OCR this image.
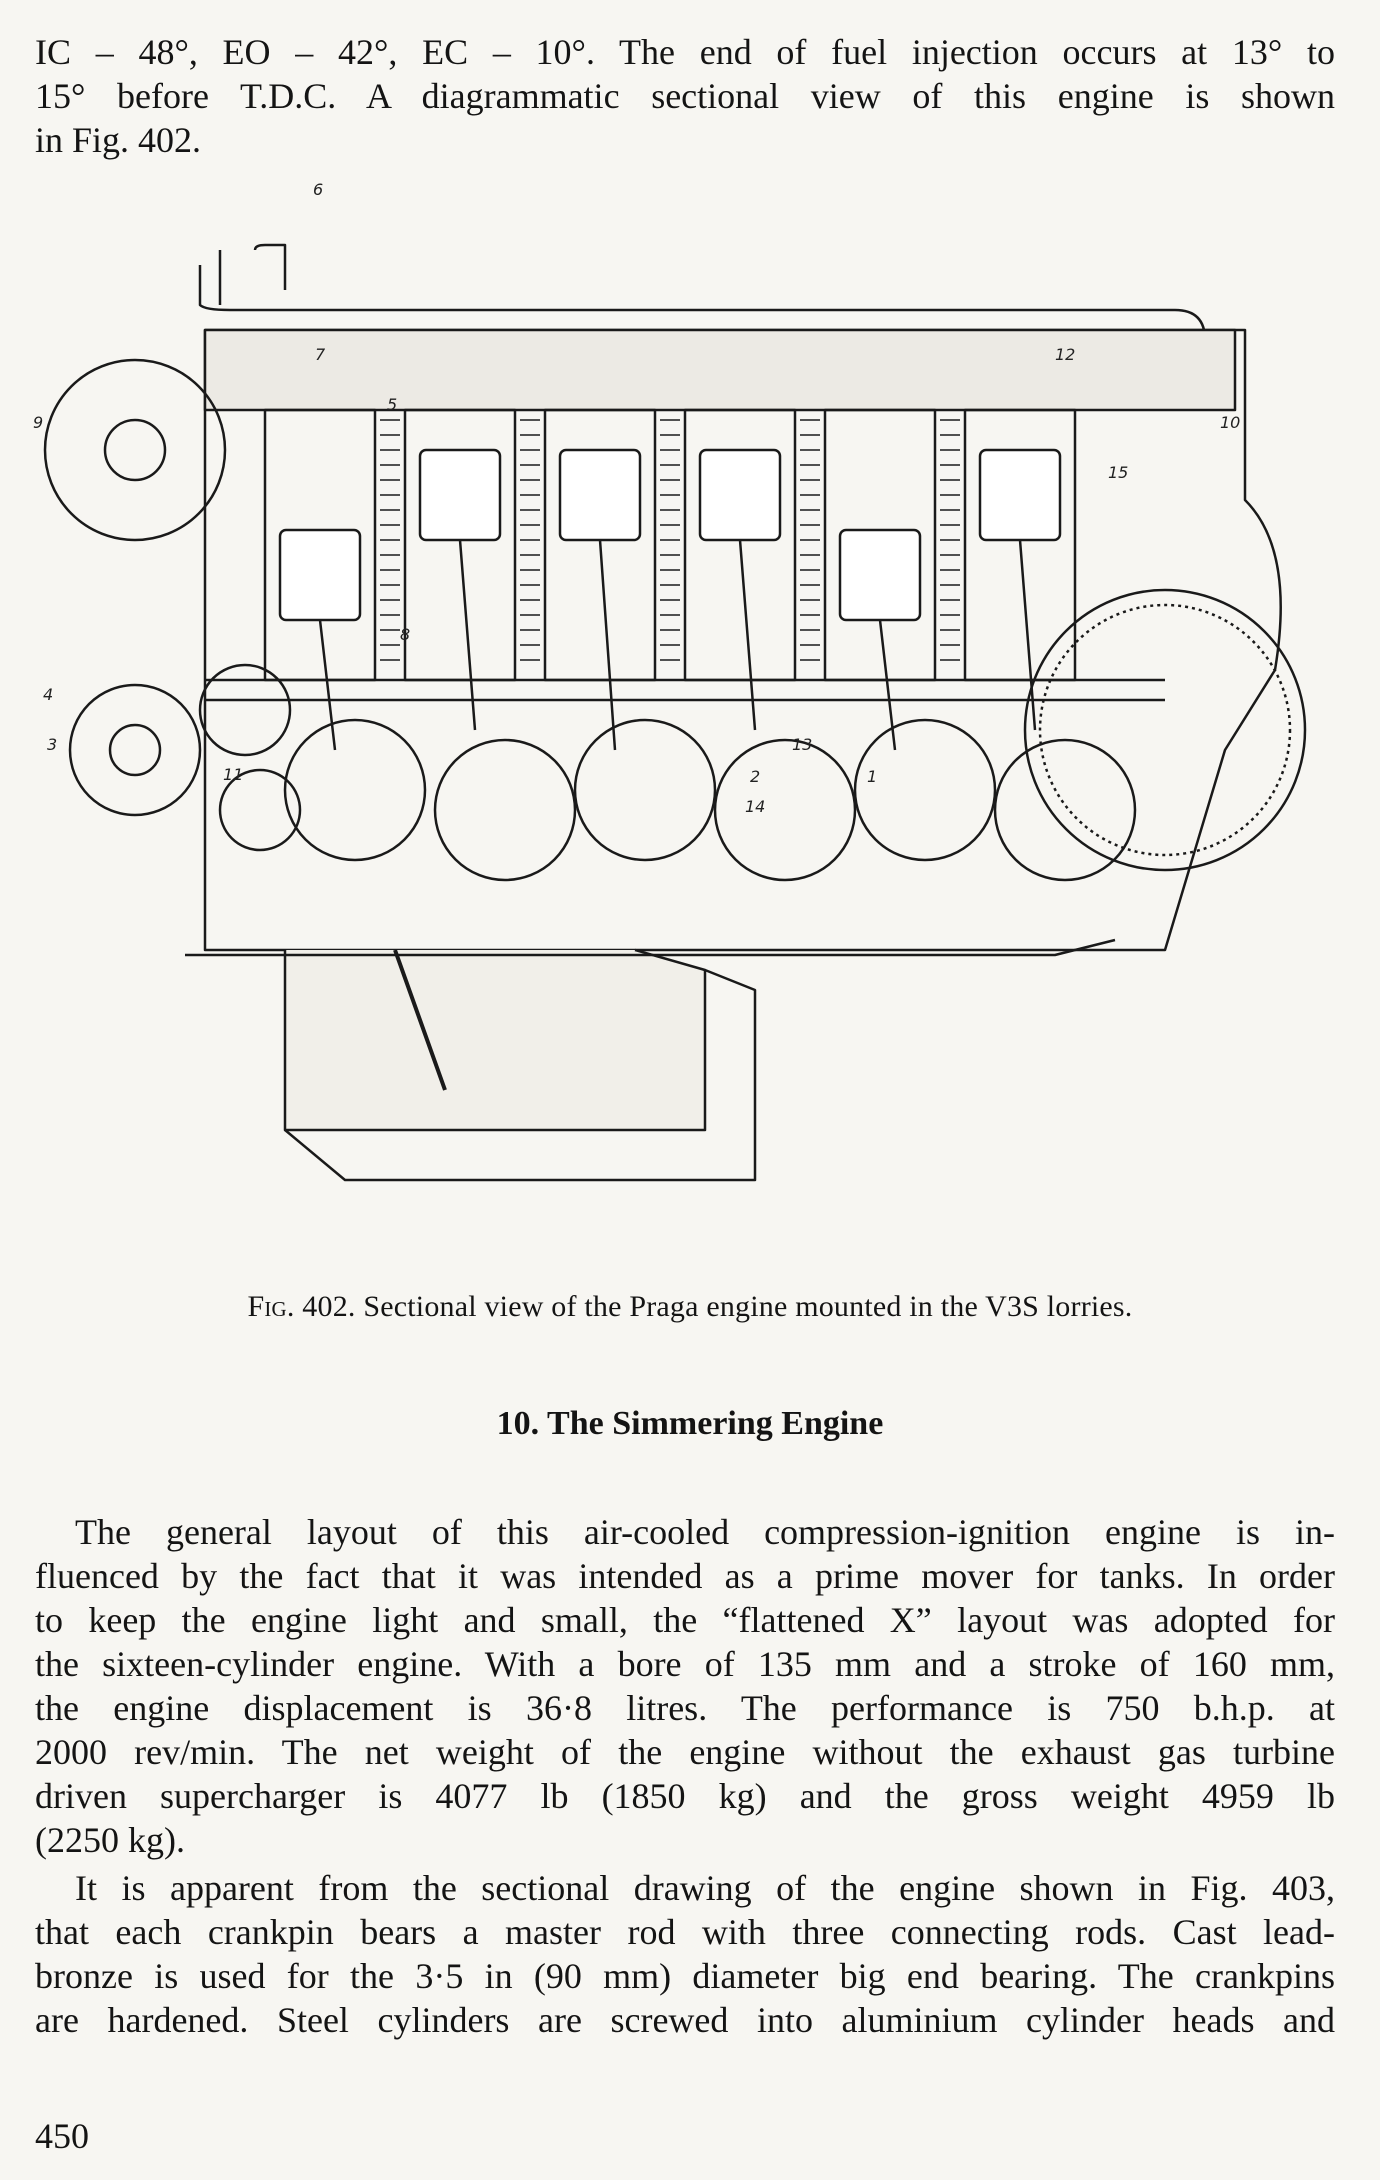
IC – 48°, EO – 42°, EC – 10°. The end of fuel injection occurs at 13° to
15° before T.D.C. A diagrammatic sectional view of this engine is shown
in Fig. 402.

6
7
5
12
10
15
9
8
13
4
3
11	2	1
14
Fig. 402. Sectional view of the Praga engine mounted in the V3S lorries.
10. The Simmering Engine

The general layout of this air-cooled compression-ignition engine is in-
fluenced by the fact that it was intended as a prime mover for tanks. In order
to keep the engine light and small, the “flattened X” layout was adopted for
the sixteen-cylinder engine. With a bore of 135 mm and a stroke of 160 mm,
the engine displacement is 36·8 litres. The performance is 750 b.h.p. at
2000 rev/min. The net weight of the engine without the exhaust gas turbine
driven supercharger is 4077 lb (1850 kg) and the gross weight 4959 lb
(2250 kg).

It is apparent from the sectional drawing of the engine shown in Fig. 403,
that each crankpin bears a master rod with three connecting rods. Cast lead-
bronze is used for the 3·5 in (90 mm) diameter big end bearing. The crankpins
are hardened. Steel cylinders are screwed into aluminium cylinder heads and

450
